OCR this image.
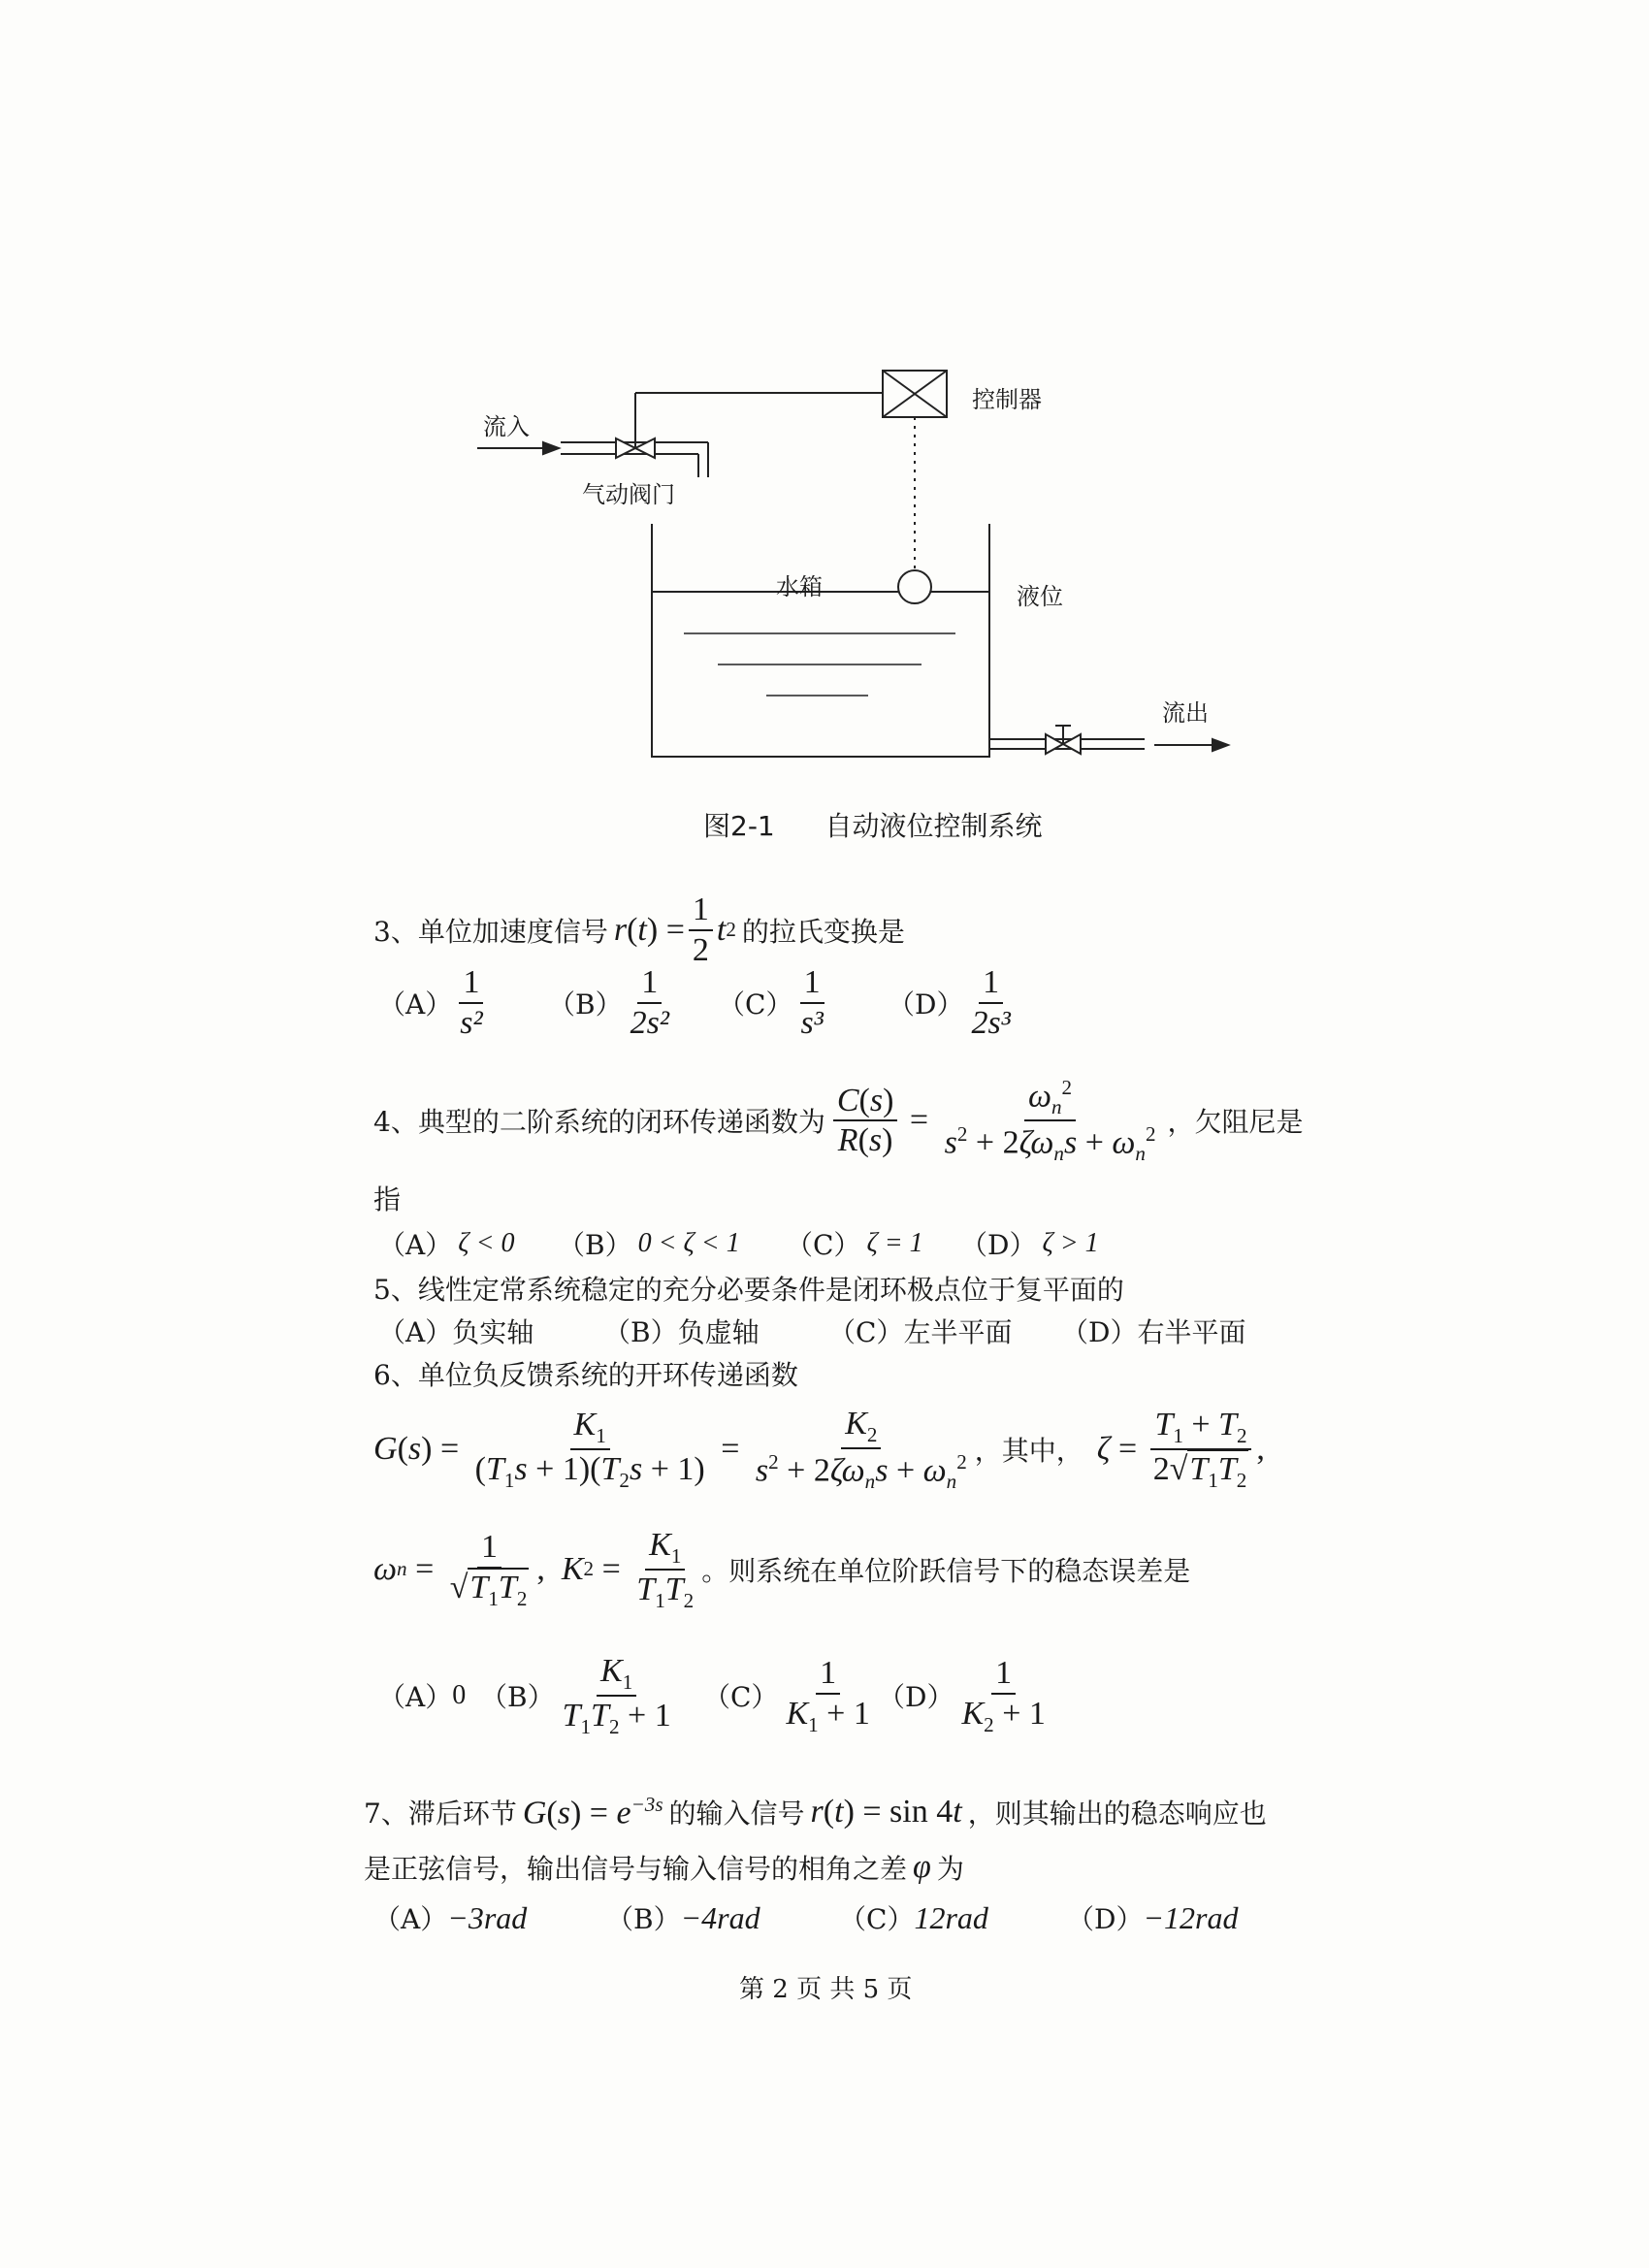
流入
气动阀门
控制器
水箱	液位
流出
图2-1 自动液位控制系统
3、 单位加速度信号 r ( t )
= $\frac{1}{2}$ t 2 的拉氏变换是
$(A) \frac{1}{\text{s²}} (B) \frac{1}{\text{2s²}} (C) \frac{1}{\text{s³}} (D) \frac{1}{\text{2s³}}$
4、 典型的二阶系统的闭环传递函数为 $\frac{C(s)}{R(s)} = \frac{\omega_n^2}{s^2 + 2\zeta\omega_ns + \omega_n^2}$ ，欠阻尼是
指
（A） ζ < 0 （B） 0 < ζ < 1 （C） ζ = 1 （D） ζ > 1
5、线性定常系统稳定的充分必要条件是闭环极点位于复平面的
（A） 负实轴	（B） 负虚轴	（C） 左半平面 （D） 右半平面
6、单位负反馈系统的开环传递函数
G ( s ) = $\frac{K_1}{(T_1s + 1)(T_2s + 1)} = \frac{K_2}{s^2 + 2\zeta\omega_ns + \omega_n^2}$ ，其中， $\zeta = \frac{T_1 + T_2}{2√T_1T_2}$ ,
ω $n = \frac{1}{√T_1T_2}$ , K $2 = \frac{K_1}{T_1T_2}$ 。则系统在单位阶跃信号下的稳态误差是
（A） 0 $(B) \frac{K_1}{T_1T_2 + 1} (C) \frac{1}{K_1 + 1} (D) \frac{1}{K_2 + 1}$
7、 滞后环节 $G(s) = e^{-3s}$ 的输入信号 r(t) = sin 4t ，则其输出的稳态响应也
是正弦信号，输出信号与输入信号的相角之差 φ 为
（A） −3rad	（B） −4rad	（C） 12rad	（D） −12rad
第 2 页 共 5 页
